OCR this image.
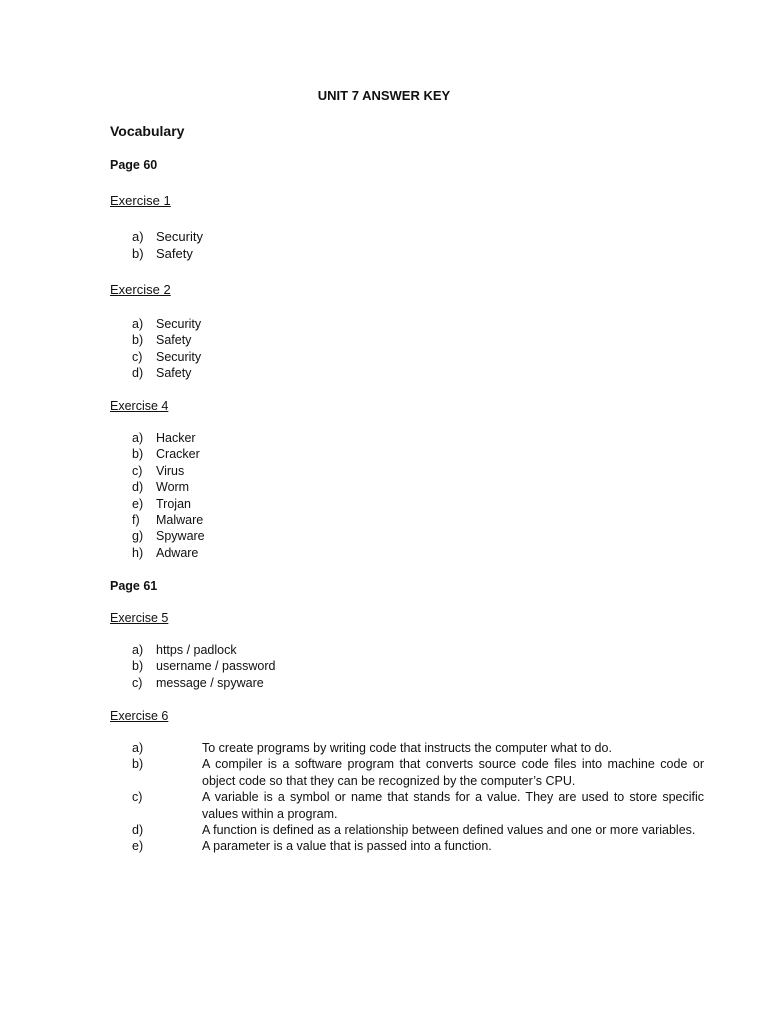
UNIT 7 ANSWER KEY
Vocabulary
Page 60
Exercise 1
a) Security
b) Safety
Exercise 2
a) Security
b) Safety
c) Security
d) Safety
Exercise 4
a) Hacker
b) Cracker
c) Virus
d) Worm
e) Trojan
f) Malware
g) Spyware
h) Adware
Page 61
Exercise 5
a) https / padlock
b) username / password
c) message / spyware
Exercise 6
a)	To create programs by writing code that instructs the computer what to do.
b)	A compiler is a software program that converts source code files into machine code or object code so that they can be recognized by the computer’s CPU.
c)	A variable is a symbol or name that stands for a value. They are used to store specific values within a program.
d)	A function is defined as a relationship between defined values and one or more variables.
e)	A parameter is a value that is passed into a function.
